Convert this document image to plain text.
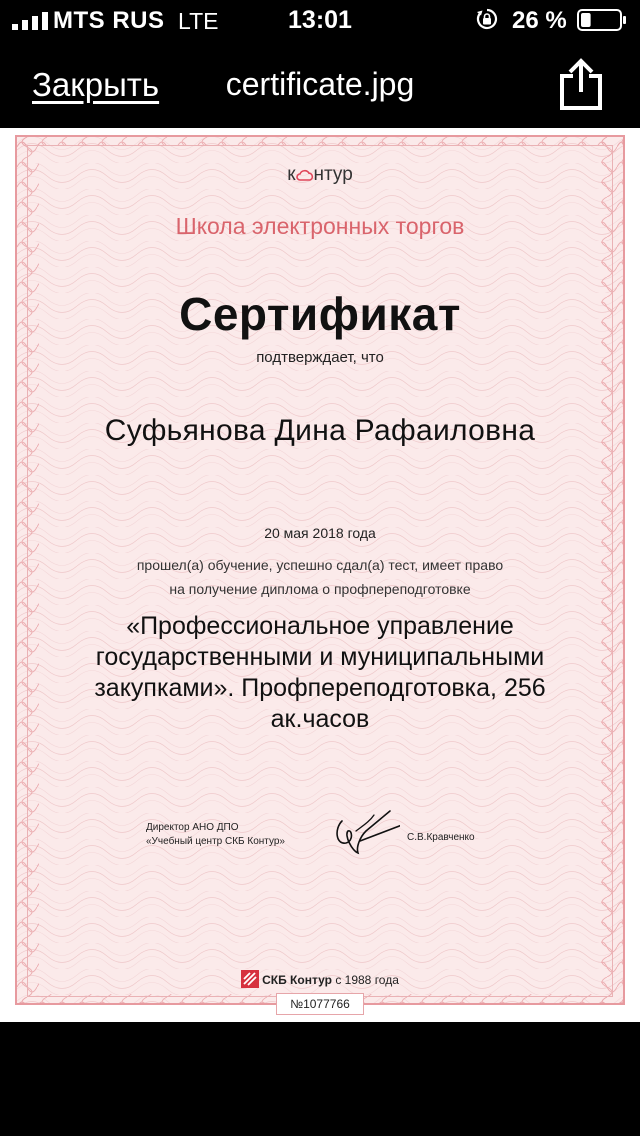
MTS RUS LTE	13:01	26 %
Закрыть	certificate.jpg
к нтур
Школа электронных торгов
Сертификат
подтверждает, что
Суфьянова Дина Рафаиловна
20 мая 2018 года
прошел(а) обучение, успешно сдал(а) тест, имеет право
на получение диплома о профпереподготовке
«Профессиональное управление
государственными и муниципальными
закупками». Профпереподготовка, 256
ак.часов
Директор АНО ДПО
«Учебный центр СКБ Контур»	С.В.Кравченко
СКБ Контур с 1988 года
№1077766
